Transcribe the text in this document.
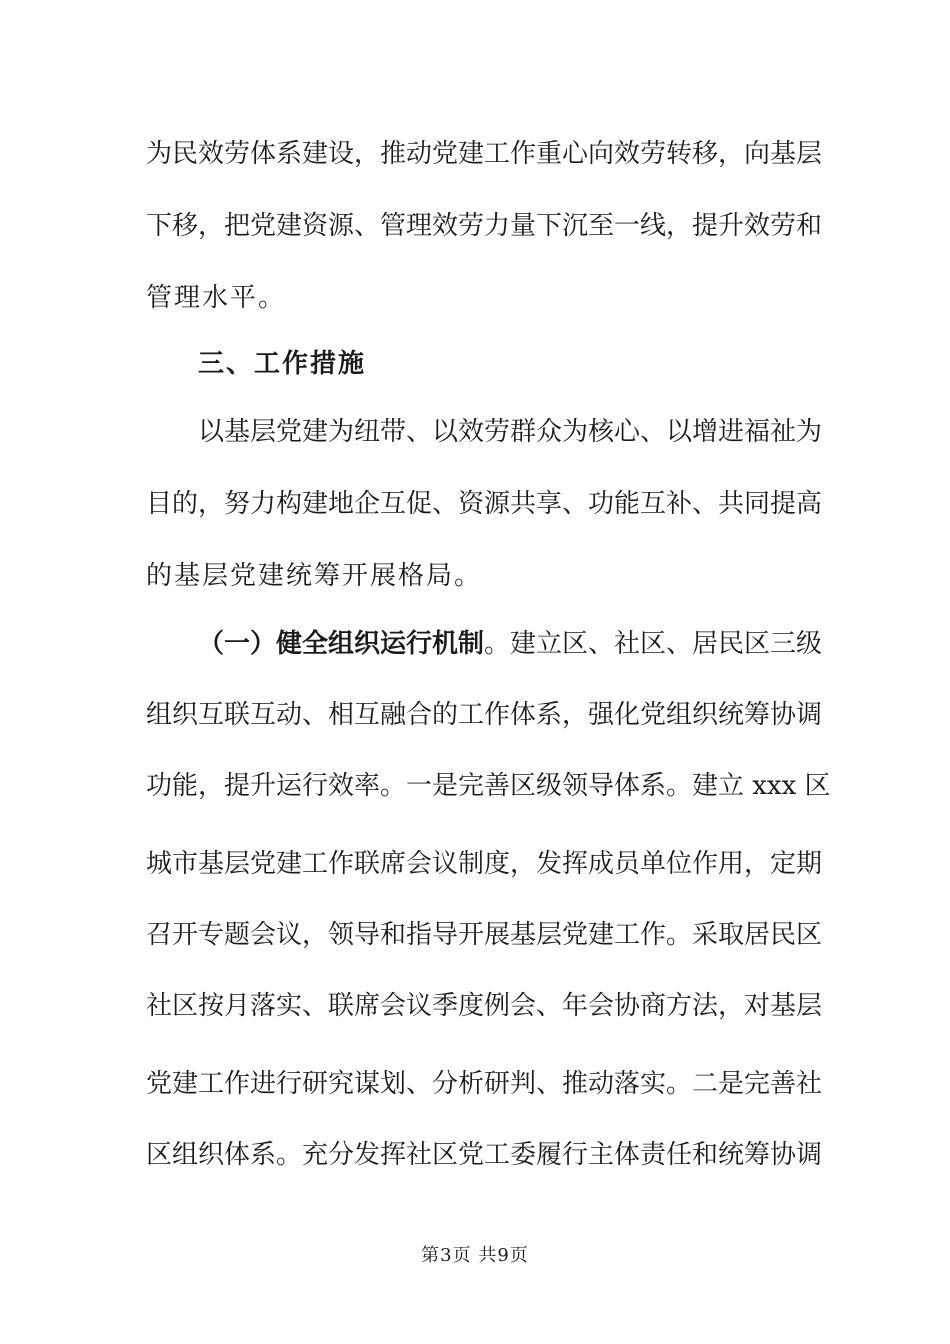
为民效劳体系建设，推动党建工作重心向效劳转移，向基层
下移，把党建资源、管理效劳力量下沉至一线，提升效劳和
管理水平。
三、工作措施
以基层党建为纽带、以效劳群众为核心、以增进福祉为
目的，努力构建地企互促、资源共享、功能互补、共同提高
的基层党建统筹开展格局。
（一）健全组织运行机制。建立区、社区、居民区三级
组织互联互动、相互融合的工作体系，强化党组织统筹协调
功能，提升运行效率。一是完善区级领导体系。建立 xxx 区
城市基层党建工作联席会议制度，发挥成员单位作用，定期
召开专题会议，领导和指导开展基层党建工作。采取居民区
社区按月落实、联席会议季度例会、年会协商方法，对基层
党建工作进行研究谋划、分析研判、推动落实。二是完善社
区组织体系。充分发挥社区党工委履行主体责任和统筹协调
第3页 共9页
